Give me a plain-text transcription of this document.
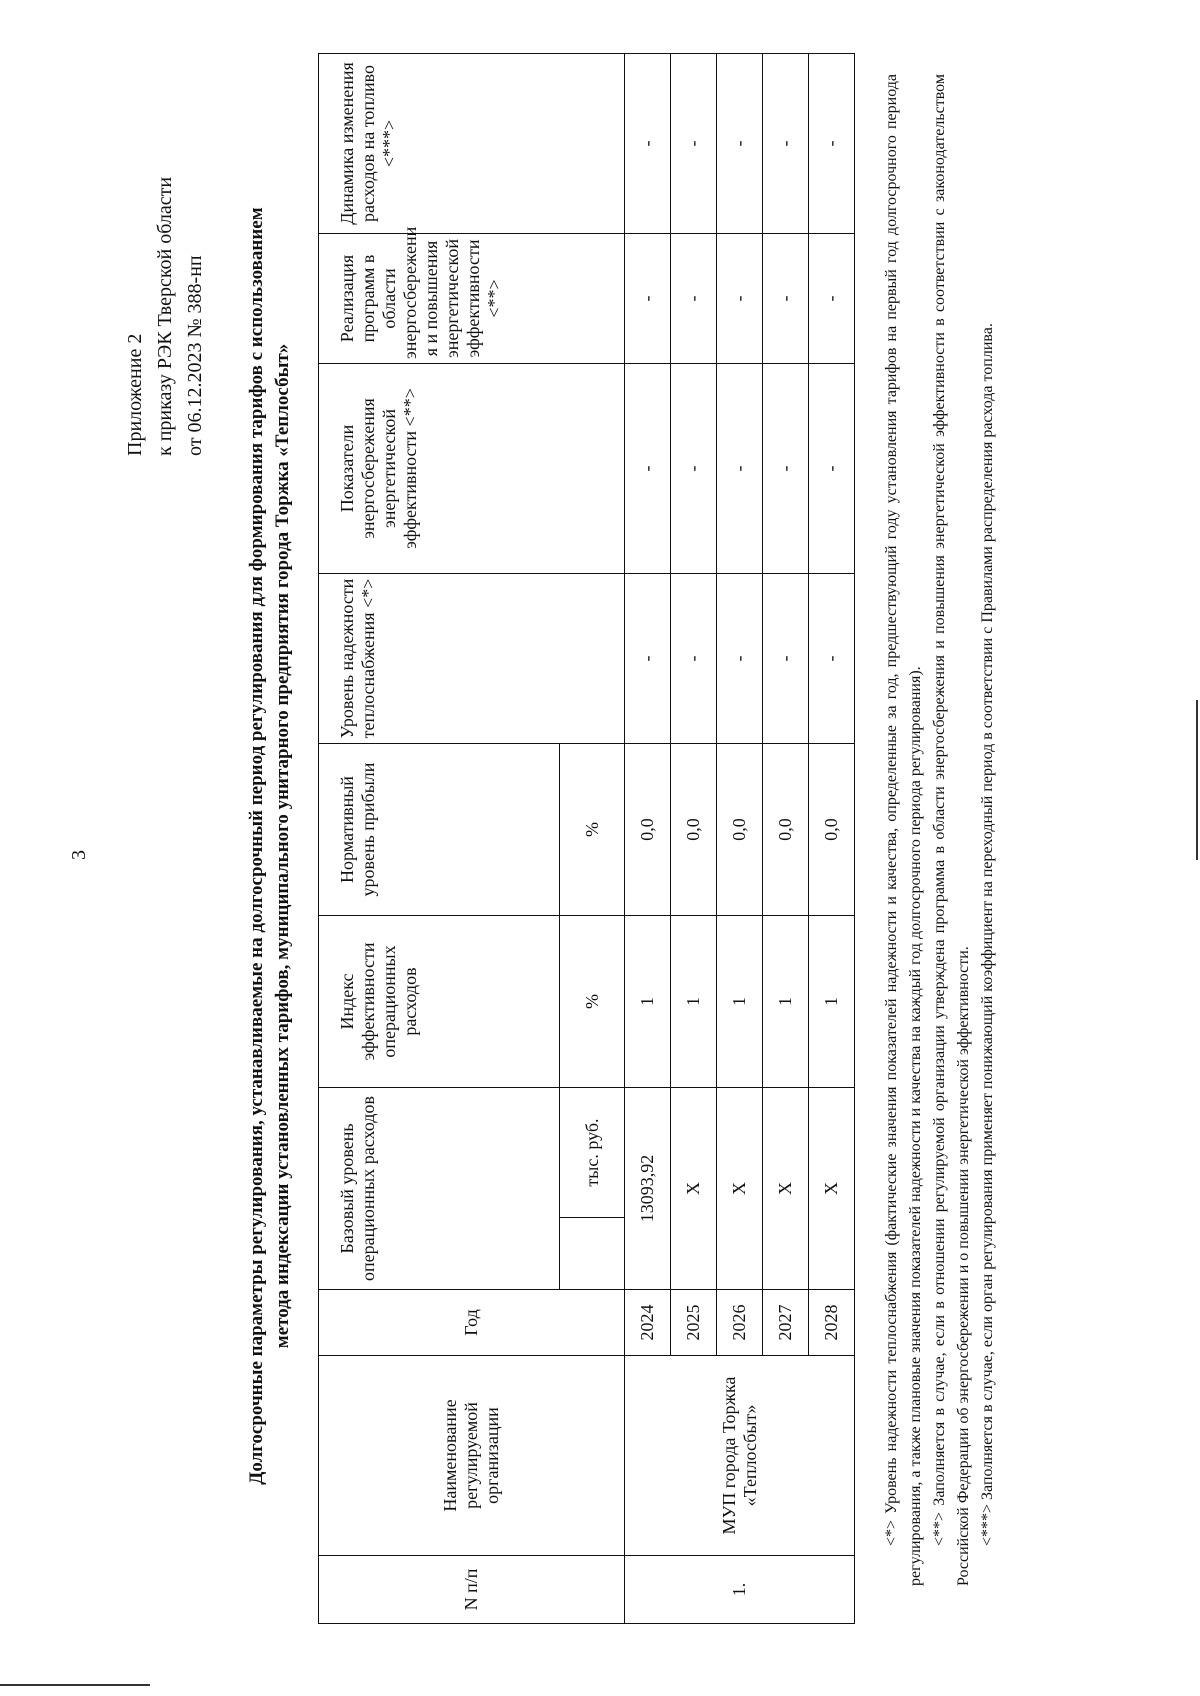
3
Приложение 2 к приказу РЭК Тверской области от 06.12.2023 № 388-нп Долгосрочные параметры регулирования, устанавливаемые на долгосрочный период регулирования для формирования тарифов с использованием метода индексации установленных тарифов, муниципального унитарного предприятия города Торжка «Теплосбыт»
N п/п	Наименование регулируемой организации	Год	Базовый уровень операционных расходов		Индекс эффективности операционных расходов	Нормативный уровень прибыли	Уровень надежности теплоснабжения <*>	Показатели энергосбережения энергетической эффективности <**>	Реализация программ в области энергосбережени я и повышения энергетической эффективности <**>	Динамика изменения расходов на топливо <***>
				тыс. руб.	%	%				
1.	МУП города Торжка «Теплосбыт»	2024	13093,92		1	0,0	-	-	-	-
		2025	Х		1	0,0	-	-	-	-
		2026	Х		1	0,0	-	-	-	-
		2027	Х		1	0,0	-	-	-	-
		2028	Х		1	0,0	-	-	-	-	<*> Уровень надежности теплоснабжения (фактические значения показателей надежности и качества, определенные за год, предшествующий году установления тарифов на первый год долгосрочного периода регулирования, а также плановые значения показателей надежности и качества на каждый год долгосрочного периода регулирования). <**> Заполняется в случае, если в отношении регулируемой организации утверждена программа в области энергосбережения и повышения энергетической эффективности в соответствии с законодательством Российской Федерации об энергосбережении и о повышении энергетической эффективности. <***> Заполняется в случае, если орган регулирования применяет понижающий коэффициент на переходный период в соответствии с Правилами распределения расхода топлива.
